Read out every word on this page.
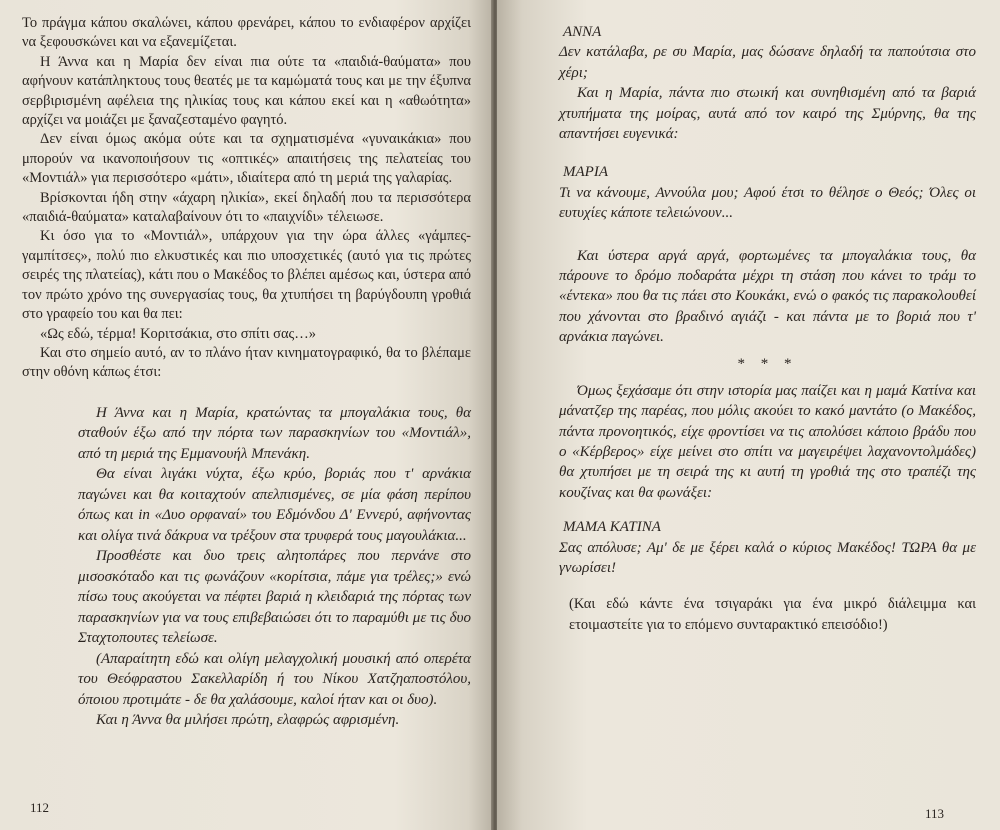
Το πράγμα κάπου σκαλώνει, κάπου φρενάρει, κάπου το ενδιαφέρον αρχίζει να ξεφουσκώνει και να εξανεμίζεται.

Η Άννα και η Μαρία δεν είναι πια ούτε τα «παιδιά-θαύματα» που αφήνουν κατάπληκτους τους θεατές με τα καμώματά τους και με την έξυπνα σερβιρισμένη αφέλεια της ηλικίας τους και κάπου εκεί και η «αθωότητα» αρχίζει να μοιάζει με ξαναζεσταμένο φαγητό.

Δεν είναι όμως ακόμα ούτε και τα σχηματισμένα «γυναικάκια» που μπορούν να ικανοποιήσουν τις «οπτικές» απαιτήσεις της πελατείας του «Μοντιάλ» για περισσότερο «μάτι», ιδιαίτερα από τη μεριά της γαλαρίας.

Βρίσκονται ήδη στην «άχαρη ηλικία», εκεί δηλαδή που τα περισσότερα «παιδιά-θαύματα» καταλαβαίνουν ότι το «παιχνίδι» τέλειωσε.

Κι όσο για το «Μοντιάλ», υπάρχουν για την ώρα άλλες «γάμπες-γαμπίτσες», πολύ πιο ελκυστικές και πιο υποσχετικές (αυτό για τις πρώτες σειρές της πλατείας), κάτι που ο Μακέδος το βλέπει αμέσως και, ύστερα από τον πρώτο χρόνο της συνεργασίας τους, θα χτυπήσει τη βαρύγδουπη γροθιά στο γραφείο του και θα πει:

«Ως εδώ, τέρμα! Κοριτσάκια, στο σπίτι σας…»

Και στο σημείο αυτό, αν το πλάνο ήταν κινηματογραφικό, θα το βλέπαμε στην οθόνη κάπως έτσι:

Η Άννα και η Μαρία, κρατώντας τα μπογαλάκια τους, θα σταθούν έξω από την πόρτα των παρασκηνίων του «Μοντιάλ», από τη μεριά της Εμμανουήλ Μπενάκη.

Θα είναι λιγάκι νύχτα, έξω κρύο, βοριάς που τ' αρνάκια παγώνει και θα κοιταχτούν απελπισμένες, σε μία φάση περίπου όπως και in «Δυο ορφαναί» του Εδμόνδου Δ' Εννερύ, αφήνοντας και ολίγα τινά δάκρυα να τρέξουν στα τρυφερά τους μαγουλάκια...

Προσθέστε και δυο τρεις αλητοπάρες που περνάνε στο μισοσκόταδο και τις φωνάζουν «κορίτσια, πάμε για τρέλες;» ενώ πίσω τους ακούγεται να πέφτει βαριά η κλειδαριά της πόρτας των παρασκηνίων για να τους επιβεβαιώσει ότι το παραμύθι με τις δυο Σταχτοπουτες τελείωσε.

(Απαραίτητη εδώ και ολίγη μελαγχολική μουσική από οπερέτα του Θεόφραστου Σακελλαρίδη ή του Νίκου Χατζηαποστόλου, όποιου προτιμάτε - δε θα χαλάσουμε, καλοί ήταν και οι δυο).

Και η Άννα θα μιλήσει πρώτη, ελαφρώς αφρισμένη.

112

ΑΝΝΑ

Δεν κατάλαβα, ρε συ Μαρία, μας δώσανε δηλαδή τα παπούτσια στο χέρι;

Και η Μαρία, πάντα πιο στωική και συνηθισμένη από τα βαριά χτυπήματα της μοίρας, αυτά από τον καιρό της Σμύρνης, θα της απαντήσει ευγενικά:

ΜΑΡΙΑ

Τι να κάνουμε, Αννούλα μου; Αφού έτσι το θέλησε ο Θεός; Όλες οι ευτυχίες κάποτε τελειώνουν...

Και ύστερα αργά αργά, φορτωμένες τα μπογαλάκια τους, θα πάρουνε το δρόμο ποδαράτα μέχρι τη στάση που κάνει το τράμ το «έντεκα» που θα τις πάει στο Κουκάκι, ενώ ο φακός τις παρακολουθεί που χάνονται στο βραδινό αγιάζι - και πάντα με το βοριά που τ' αρνάκια παγώνει.

* * *

Όμως ξεχάσαμε ότι στην ιστορία μας παίζει και η μαμά Κατίνα και μάνατζερ της παρέας, που μόλις ακούει το κακό μαντάτο (ο Μακέδος, πάντα προνοητικός, είχε φροντίσει να τις απολύσει κάποιο βράδυ που ο «Κέρβερος» είχε μείνει στο σπίτι να μαγειρέψει λαχανοντολμάδες) θα χτυπήσει με τη σειρά της κι αυτή τη γροθιά της στο τραπέζι της κουζίνας και θα φωνάξει:

ΜΑΜΑ ΚΑΤΙΝΑ

Σας απόλυσε; Αμ' δε με ξέρει καλά ο κύριος Μακέδος! ΤΩΡΑ θα με γνωρίσει!

(Και εδώ κάντε ένα τσιγαράκι για ένα μικρό διάλειμμα και ετοιμαστείτε για το επόμενο συνταρακτικό επεισόδιο!)

113
